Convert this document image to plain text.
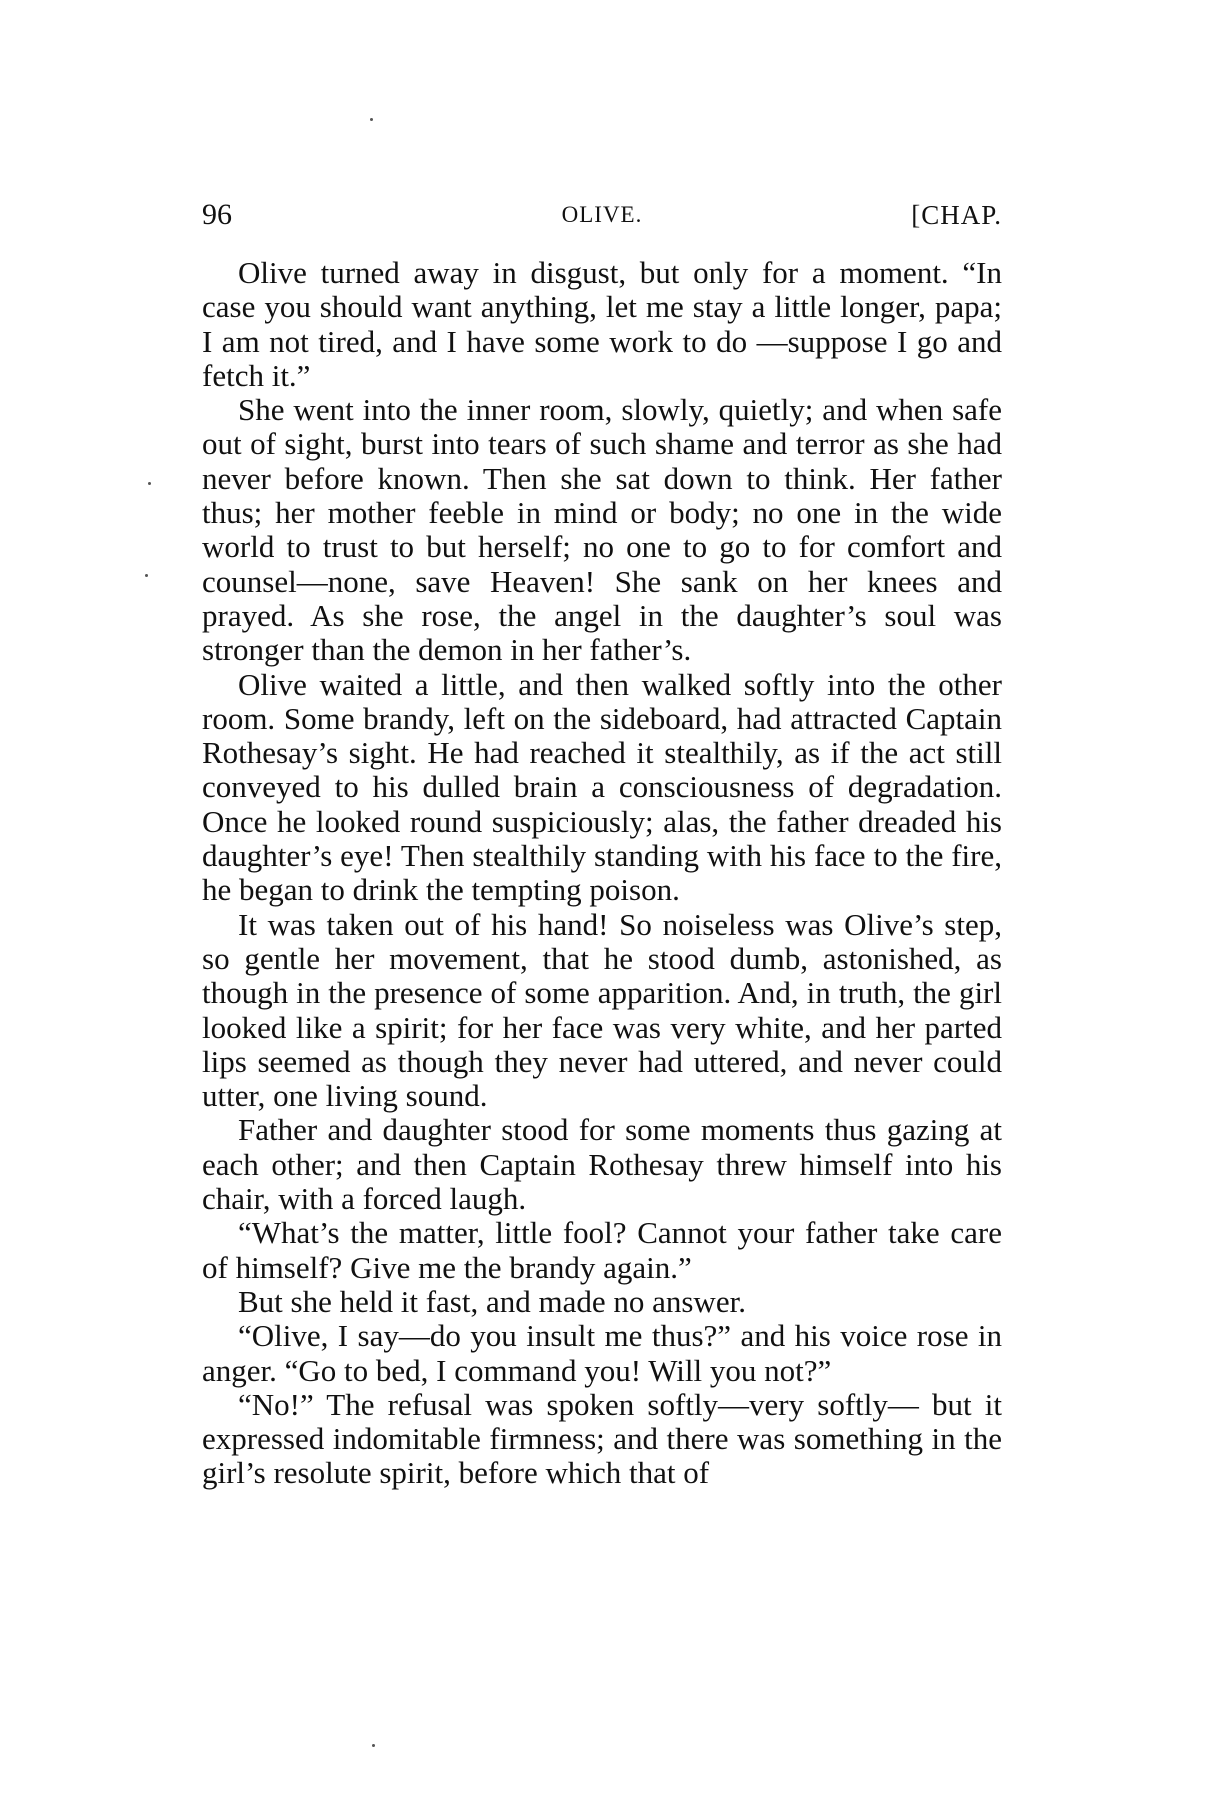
96	OLIVE.	[CHAP.

Olive turned away in disgust, but only for a moment. “In case you should want anything, let me stay a little longer, papa; I am not tired, and I have some work to do —suppose I go and fetch it.”

She went into the inner room, slowly, quietly; and when safe out of sight, burst into tears of such shame and terror as she had never before known. Then she sat down to think. Her father thus; her mother feeble in mind or body; no one in the wide world to trust to but herself; no one to go to for comfort and counsel—none, save Heaven! She sank on her knees and prayed. As she rose, the angel in the daughter’s soul was stronger than the demon in her father’s.

Olive waited a little, and then walked softly into the other room. Some brandy, left on the sideboard, had attracted Captain Rothesay’s sight. He had reached it stealthily, as if the act still conveyed to his dulled brain a consciousness of degradation. Once he looked round suspiciously; alas, the father dreaded his daughter’s eye! Then stealthily standing with his face to the fire, he began to drink the tempting poison.

It was taken out of his hand! So noiseless was Olive’s step, so gentle her movement, that he stood dumb, astonished, as though in the presence of some apparition. And, in truth, the girl looked like a spirit; for her face was very white, and her parted lips seemed as though they never had uttered, and never could utter, one living sound.

Father and daughter stood for some moments thus gazing at each other; and then Captain Rothesay threw himself into his chair, with a forced laugh.

“What’s the matter, little fool? Cannot your father take care of himself? Give me the brandy again.”

But she held it fast, and made no answer.

“Olive, I say—do you insult me thus?” and his voice rose in anger. “Go to bed, I command you! Will you not?”

“No!” The refusal was spoken softly—very softly— but it expressed indomitable firmness; and there was something in the girl’s resolute spirit, before which that of
